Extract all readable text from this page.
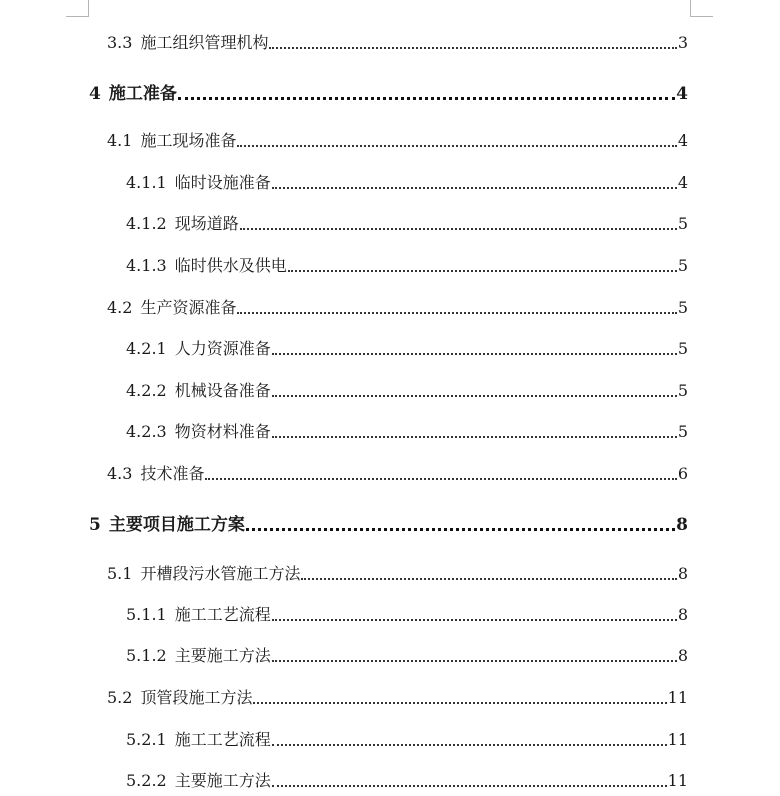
3.3 施工组织管理机构	3
4 施工准备	4
4.1 施工现场准备	4
4.1.1 临时设施准备	4
4.1.2 现场道路	5
4.1.3 临时供水及供电	5
4.2 生产资源准备	5
4.2.1 人力资源准备	5
4.2.2 机械设备准备	5
4.2.3 物资材料准备	5
4.3 技术准备	6
5 主要项目施工方案	8
5.1 开槽段污水管施工方法	8
5.1.1 施工工艺流程	8
5.1.2 主要施工方法	8
5.2 顶管段施工方法	11
5.2.1 施工工艺流程	11
5.2.2 主要施工方法	11
